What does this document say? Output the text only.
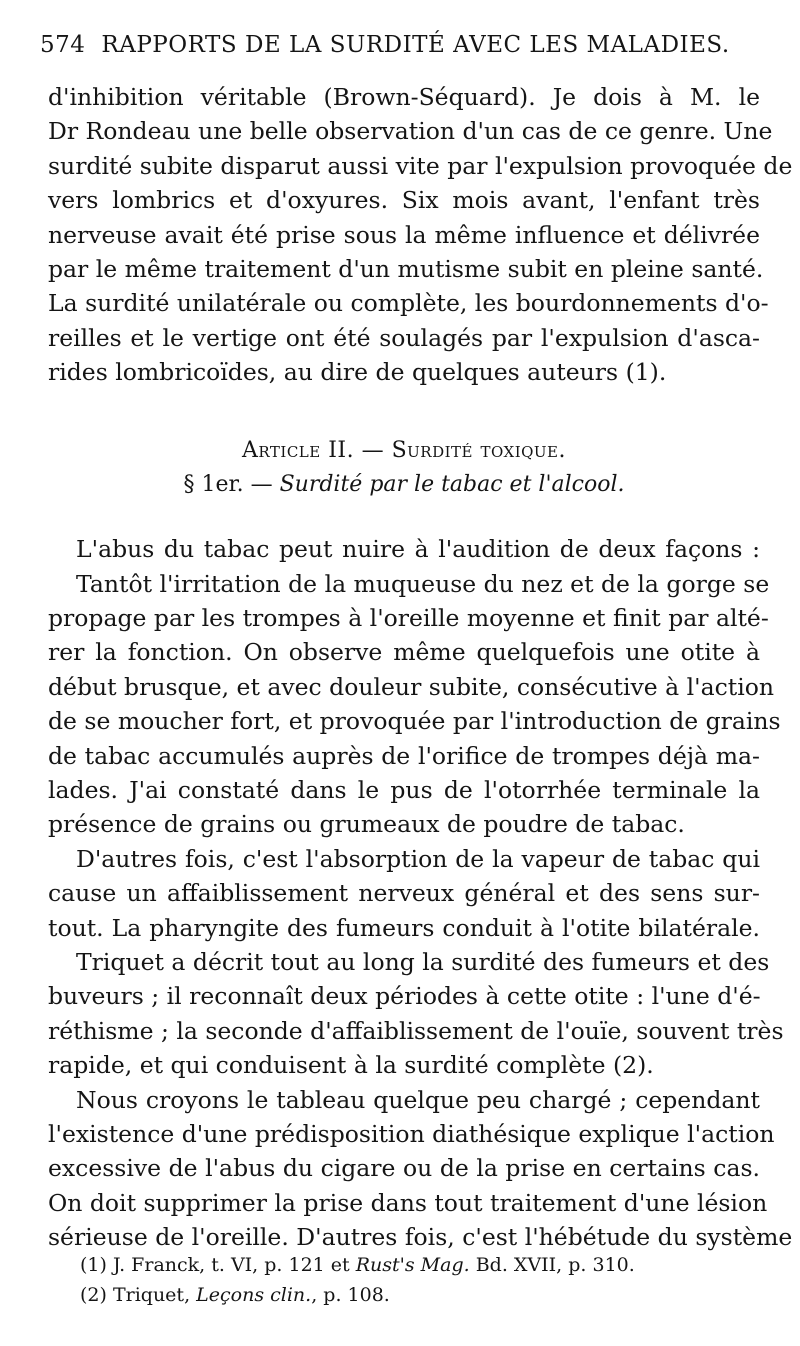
574 RAPPORTS DE LA SURDITÉ AVEC LES MALADIES.
d'inhibition véritable (Brown-Séquard). Je dois à M. le
Dr Rondeau une belle observation d'un cas de ce genre. Une
surdité subite disparut aussi vite par l'expulsion provoquée de
vers lombrics et d'oxyures. Six mois avant, l'enfant très
nerveuse avait été prise sous la même influence et délivrée
par le même traitement d'un mutisme subit en pleine santé.
La surdité unilatérale ou complète, les bourdonnements d'o-
reilles et le vertige ont été soulagés par l'expulsion d'asca-
rides lombricoïdes, au dire de quelques auteurs (1).
Article II. — Surdité toxique.
§ 1er. — Surdité par le tabac et l'alcool.
L'abus du tabac peut nuire à l'audition de deux façons :
Tantôt l'irritation de la muqueuse du nez et de la gorge se
propage par les trompes à l'oreille moyenne et finit par alté-
rer la fonction. On observe même quelquefois une otite à
début brusque, et avec douleur subite, consécutive à l'action
de se moucher fort, et provoquée par l'introduction de grains
de tabac accumulés auprès de l'orifice de trompes déjà ma-
lades. J'ai constaté dans le pus de l'otorrhée terminale la
présence de grains ou grumeaux de poudre de tabac.
D'autres fois, c'est l'absorption de la vapeur de tabac qui
cause un affaiblissement nerveux général et des sens sur-
tout. La pharyngite des fumeurs conduit à l'otite bilatérale.
Triquet a décrit tout au long la surdité des fumeurs et des
buveurs ; il reconnaît deux périodes à cette otite : l'une d'é-
réthisme ; la seconde d'affaiblissement de l'ouïe, souvent très
rapide, et qui conduisent à la surdité complète (2).
Nous croyons le tableau quelque peu chargé ; cependant
l'existence d'une prédisposition diathésique explique l'action
excessive de l'abus du cigare ou de la prise en certains cas.
On doit supprimer la prise dans tout traitement d'une lésion
sérieuse de l'oreille. D'autres fois, c'est l'hébétude du système
(1) J. Franck, t. VI, p. 121 et Rust's Mag. Bd. XVII, p. 310.
(2) Triquet, Leçons clin., p. 108.
